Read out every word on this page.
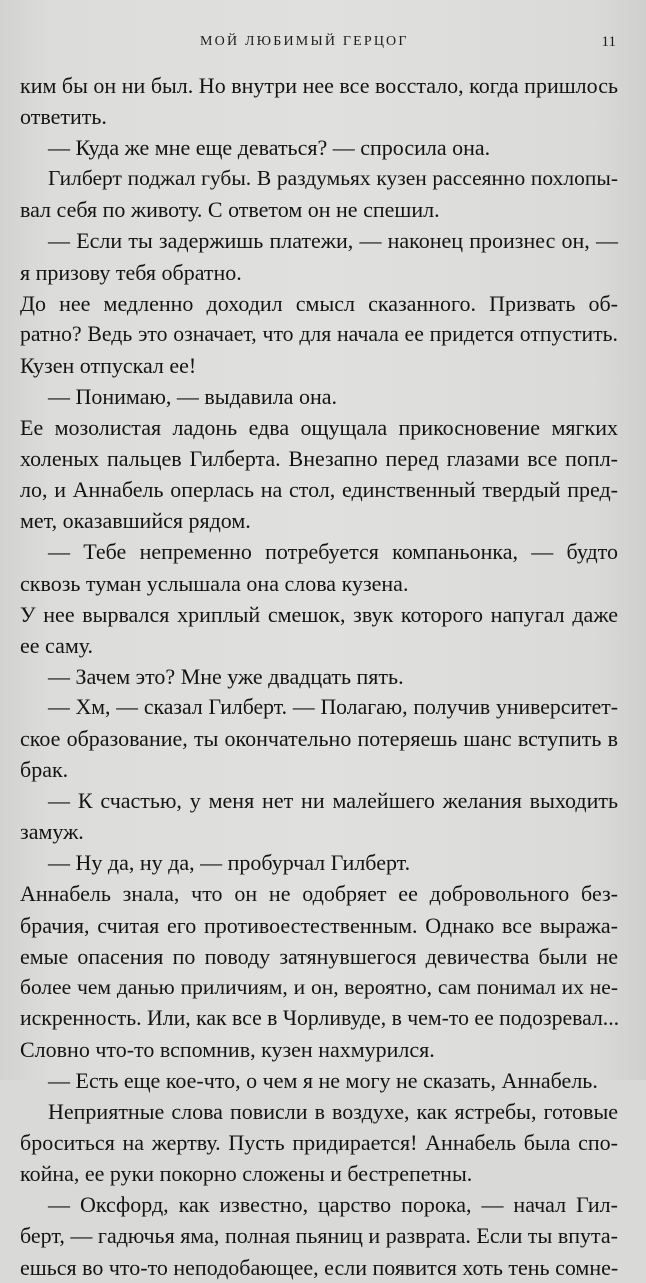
МОЙ ЛЮБИМЫЙ ГЕРЦОГ	11
ким бы он ни был. Но внутри нее все восстало, когда пришлось
ответить.
— Куда же мне еще деваться? — спросила она.
Гилберт поджал губы. В раздумьях кузен рассеянно похлопы-
вал себя по животу. С ответом он не спешил.
— Если ты задержишь платежи, — наконец произнес он, —
я призову тебя обратно.
До нее медленно доходил смысл сказанного. Призвать об-
ратно? Ведь это означает, что для начала ее придется отпустить.
Кузен отпускал ее!
— Понимаю, — выдавила она.
Ее мозолистая ладонь едва ощущала прикосновение мягких
холеных пальцев Гилберта. Внезапно перед глазами все попл-
ло, и Аннабель оперлась на стол, единственный твердый пред-
мет, оказавшийся рядом.
— Тебе непременно потребуется компаньонка, — будто
сквозь туман услышала она слова кузена.
У нее вырвался хриплый смешок, звук которого напугал даже
ее саму.
— Зачем это? Мне уже двадцать пять.
— Хм, — сказал Гилберт. — Полагаю, получив университет-
ское образование, ты окончательно потеряешь шанс вступить в
брак.
— К счастью, у меня нет ни малейшего желания выходить
замуж.
— Ну да, ну да, — пробурчал Гилберт.
Аннабель знала, что он не одобряет ее добровольного без-
брачия, считая его противоестественным. Однако все выража-
емые опасения по поводу затянувшегося девичества были не
более чем данью приличиям, и он, вероятно, сам понимал их не-
искренность. Или, как все в Чорливуде, в чем-то ее подозревал...
Словно что-то вспомнив, кузен нахмурился.
— Есть еще кое-что, о чем я не могу не сказать, Аннабель.
Неприятные слова повисли в воздухе, как ястребы, готовые
броситься на жертву. Пусть придирается! Аннабель была спо-
койна, ее руки покорно сложены и бестрепетны.
— Оксфорд, как известно, царство порока, — начал Гил-
берт, — гадючья яма, полная пьяниц и разврата. Если ты впута-
ешься во что-то неподобающее, если появится хоть тень сомне-
